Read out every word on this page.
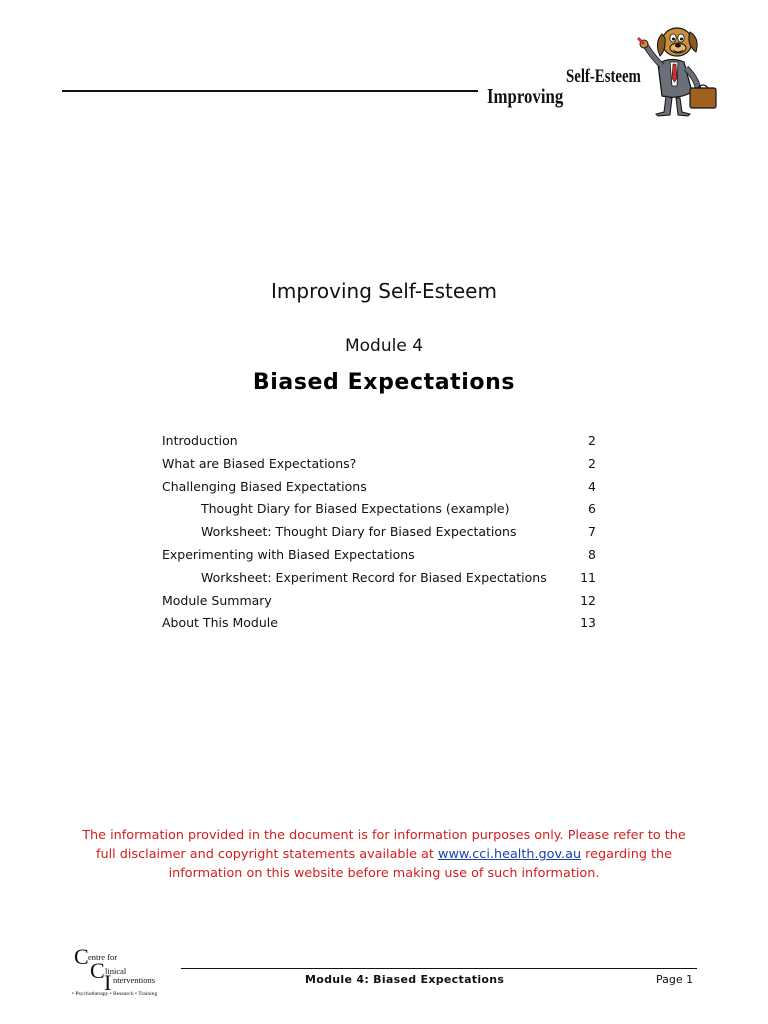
Self-Esteem
Improving
Improving Self-Esteem
Module 4
Biased Expectations
Introduction	2
What are Biased Expectations?	2
Challenging Biased Expectations	4
Thought Diary for Biased Expectations (example)	6
Worksheet: Thought Diary for Biased Expectations	7
Experimenting with Biased Expectations	8
Worksheet: Experiment Record for Biased Expectations	11
Module Summary	12
About This Module	13
The information provided in the document is for information purposes only. Please refer to the
full disclaimer and copyright statements available at www.cci.health.gov.au regarding the
information on this website before making use of such information.
C entre for
C linical
I nterventions
• Psychotherapy • Research • Training
Module 4: Biased Expectations	Page 1
